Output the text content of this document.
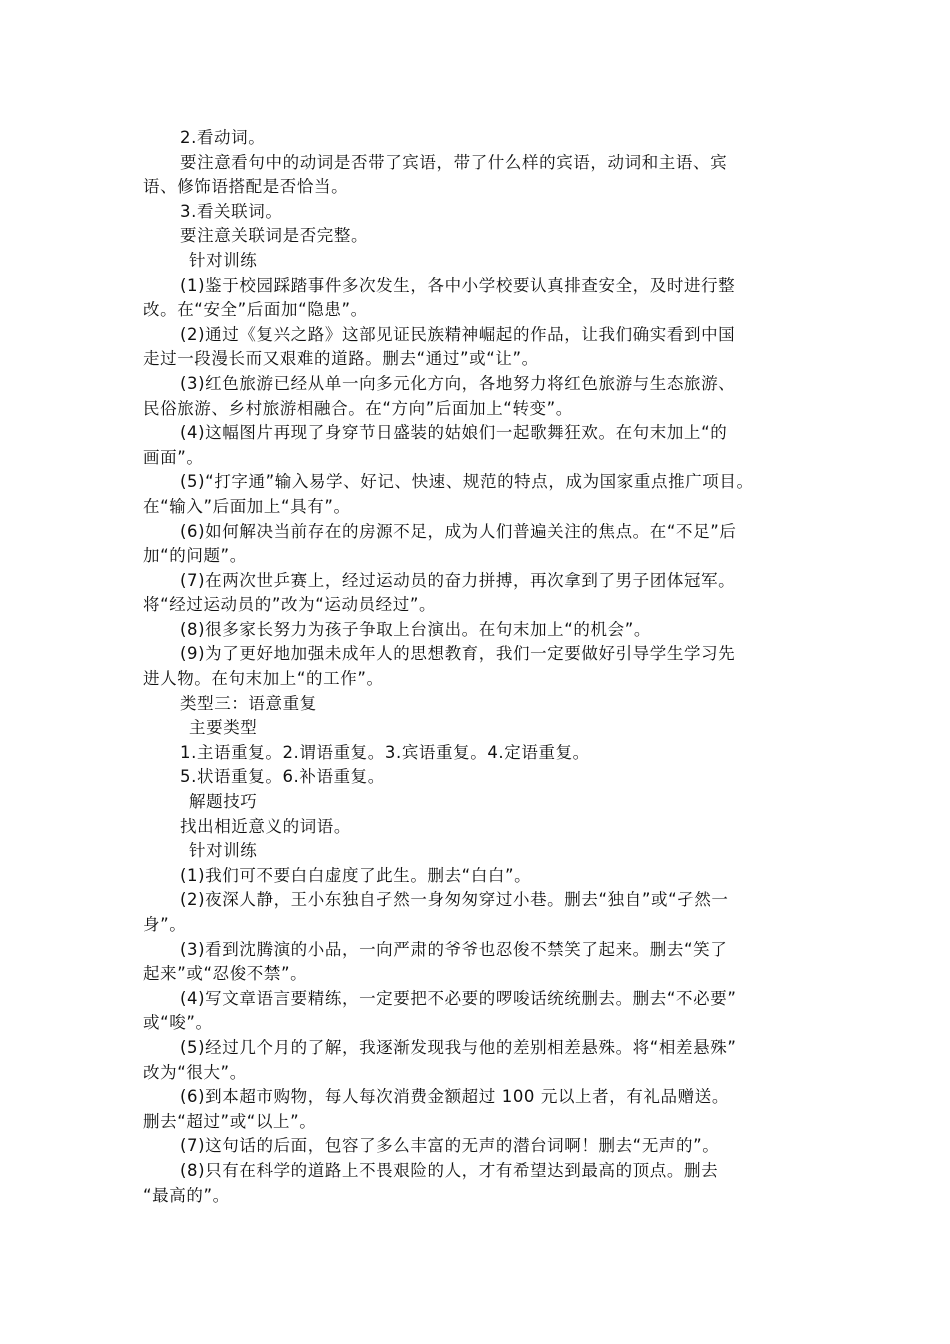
2.看动词。
要注意看句中的动词是否带了宾语，带了什么样的宾语，动词和主语、宾
语、修饰语搭配是否恰当。
3.看关联词。
要注意关联词是否完整。
针对训练
(1)鉴于校园踩踏事件多次发生，各中小学校要认真排查安全，及时进行整
改。在“安全”后面加“隐患”。
(2)通过《复兴之路》这部见证民族精神崛起的作品，让我们确实看到中国
走过一段漫长而又艰难的道路。删去“通过”或“让”。
(3)红色旅游已经从单一向多元化方向，各地努力将红色旅游与生态旅游、
民俗旅游、乡村旅游相融合。在“方向”后面加上“转变”。
(4)这幅图片再现了身穿节日盛装的姑娘们一起歌舞狂欢。在句末加上“的
画面”。
(5)“打字通”输入易学、好记、快速、规范的特点，成为国家重点推广项目。
在“输入”后面加上“具有”。
(6)如何解决当前存在的房源不足，成为人们普遍关注的焦点。在“不足”后
加“的问题”。
(7)在两次世乒赛上，经过运动员的奋力拼搏，再次拿到了男子团体冠军。
将“经过运动员的”改为“运动员经过”。
(8)很多家长努力为孩子争取上台演出。在句末加上“的机会”。
(9)为了更好地加强未成年人的思想教育，我们一定要做好引导学生学习先
进人物。在句末加上“的工作”。
类型三：语意重复
主要类型
1.主语重复。2.谓语重复。3.宾语重复。4.定语重复。
5.状语重复。6.补语重复。
解题技巧
找出相近意义的词语。
针对训练
(1)我们可不要白白虚度了此生。删去“白白”。
(2)夜深人静，王小东独自孑然一身匆匆穿过小巷。删去“独自”或“孑然一
身”。
(3)看到沈腾演的小品，一向严肃的爷爷也忍俊不禁笑了起来。删去“笑了
起来”或“忍俊不禁”。
(4)写文章语言要精练，一定要把不必要的啰唆话统统删去。删去“不必要”
或“唆”。
(5)经过几个月的了解，我逐渐发现我与他的差别相差悬殊。将“相差悬殊”
改为“很大”。
(6)到本超市购物，每人每次消费金额超过 100 元以上者，有礼品赠送。
删去“超过”或“以上”。
(7)这句话的后面，包容了多么丰富的无声的潜台词啊！删去“无声的”。
(8)只有在科学的道路上不畏艰险的人，才有希望达到最高的顶点。删去
“最高的”。
